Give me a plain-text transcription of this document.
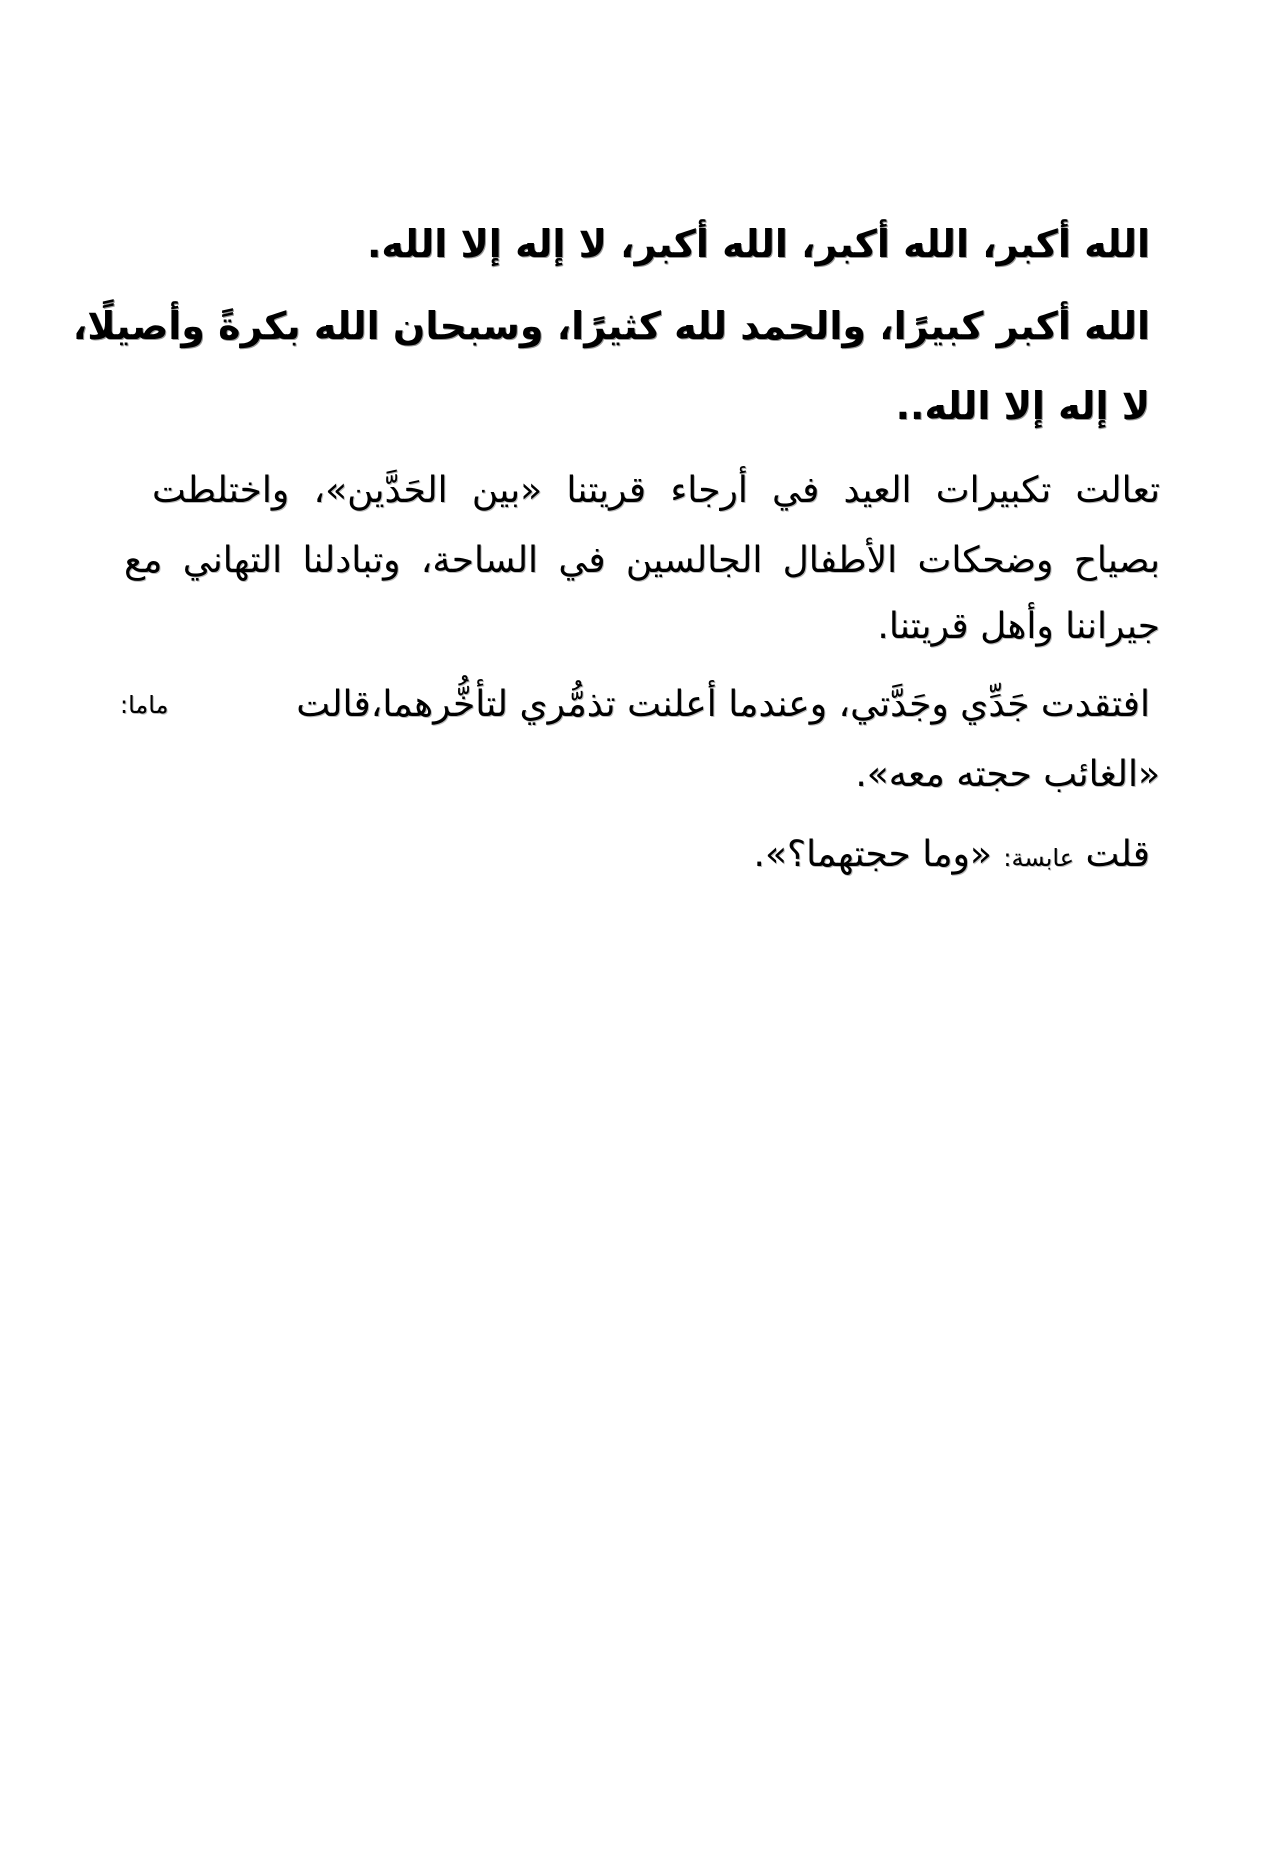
الله أكبر، الله أكبر، الله أكبر، لا إله إلا الله.
الله أكبر كبيرًا، والحمد لله كثيرًا، وسبحان الله بكرةً وأصيلًا،
لا إله إلا الله..
تعالت تكبيرات العيد في أرجاء قريتنا «بين الحَدَّين»، واختلطت
بصياح وضحكات الأطفال الجالسين في الساحة، وتبادلنا التهاني مع
جيراننا وأهل قريتنا.
افتقدت جَدِّي وجَدَّتي، وعندما أعلنت تذمُّري لتأخُّرهما،قالت
ماما:
«الغائب حجته معه».
قلت عابسة: «وما حجتهما؟».
